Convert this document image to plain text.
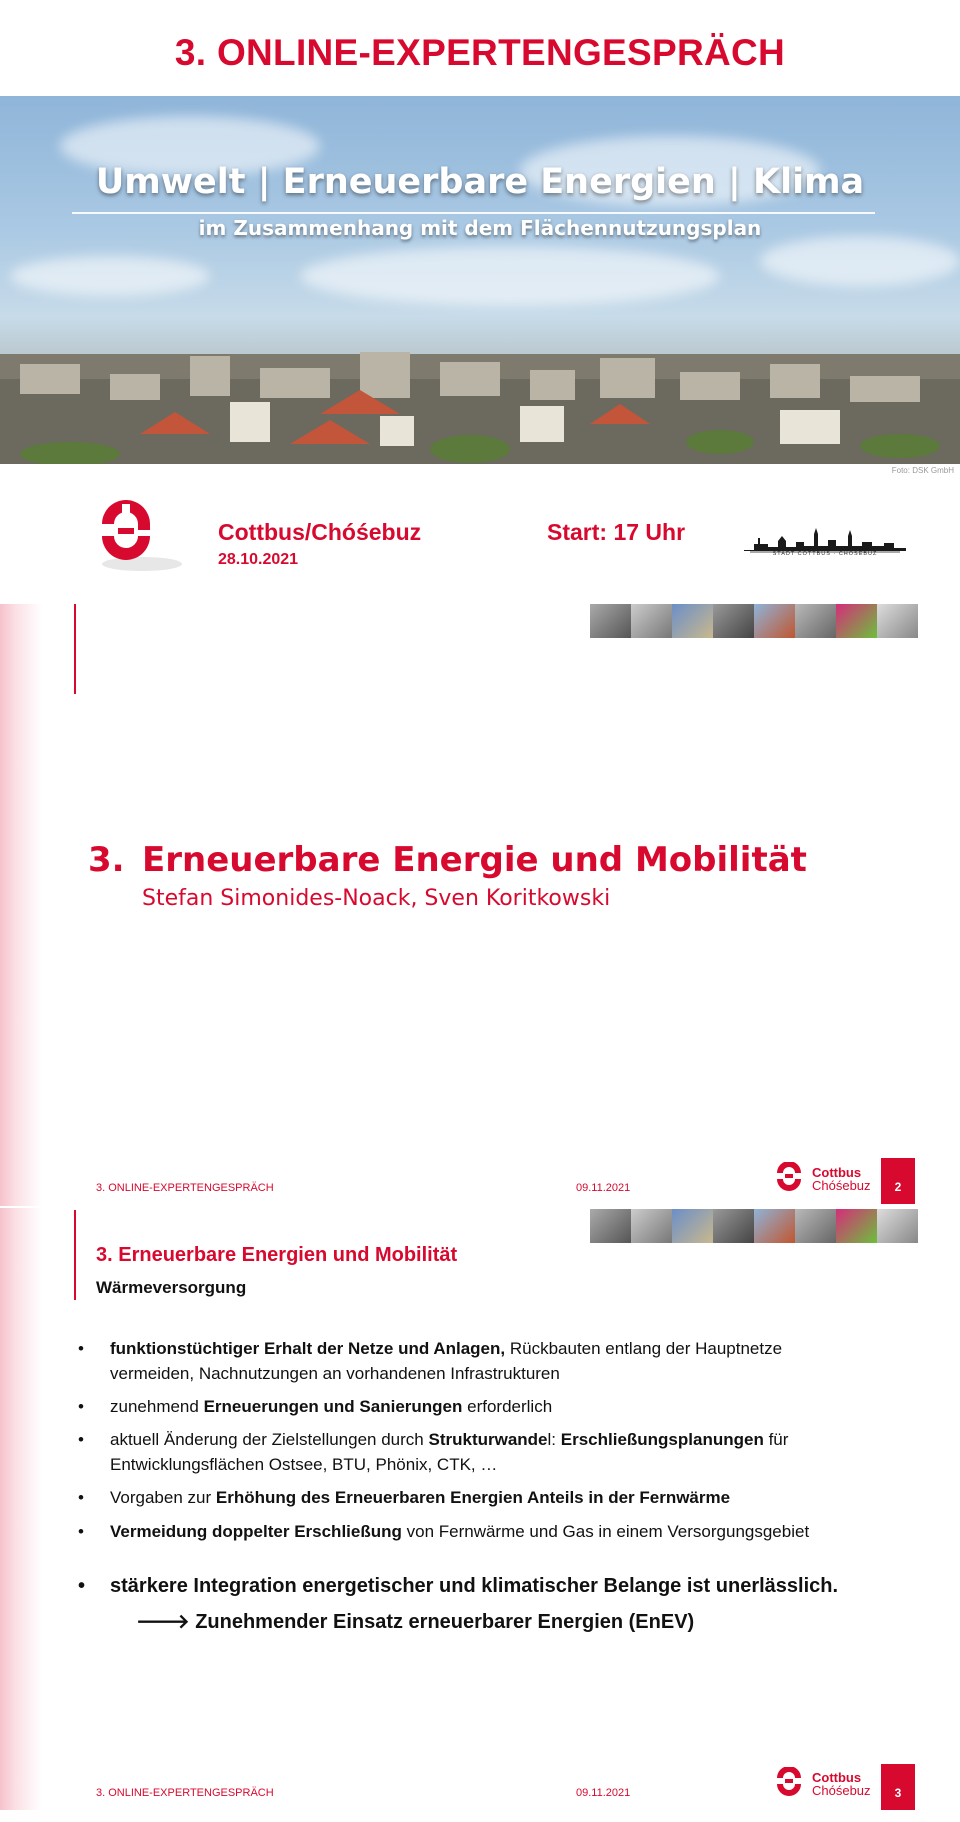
3. ONLINE-EXPERTENGESPRÄCH
Umwelt | Erneuerbare Energien | Klima
im Zusammenhang mit dem Flächennutzungsplan
Foto: DSK GmbH
Cottbus/Chóśebuz
28.10.2021
Start: 17 Uhr
STADT COTTBUS · CHÓŚEBUZ
3. Erneuerbare Energie und Mobilität
Stefan Simonides-Noack, Sven Koritkowski
3. ONLINE-EXPERTENGESPRÄCH	09.11.2021
Cottbus
Chóśebuz	2
3. Erneuerbare Energien und Mobilität
Wärmeversorgung
• funktionstüchtiger Erhalt der Netze und Anlagen, Rückbauten entlang der Hauptnetze
vermeiden, Nachnutzungen an vorhandenen Infrastrukturen
• zunehmend Erneuerungen und Sanierungen erforderlich
• aktuell Änderung der Zielstellungen durch Strukturwandel: Erschließungsplanungen für
Entwicklungsflächen Ostsee, BTU, Phönix, CTK, …
• Vorgaben zur Erhöhung des Erneuerbaren Energien Anteils in der Fernwärme
• Vermeidung doppelter Erschließung von Fernwärme und Gas in einem Versorgungsgebiet
• stärkere Integration energetischer und klimatischer Belange ist unerlässlich.
🡒 Zunehmender Einsatz erneuerbarer Energien (EnEV)
3. ONLINE-EXPERTENGESPRÄCH	09.11.2021
Cottbus
Chóśebuz	3
